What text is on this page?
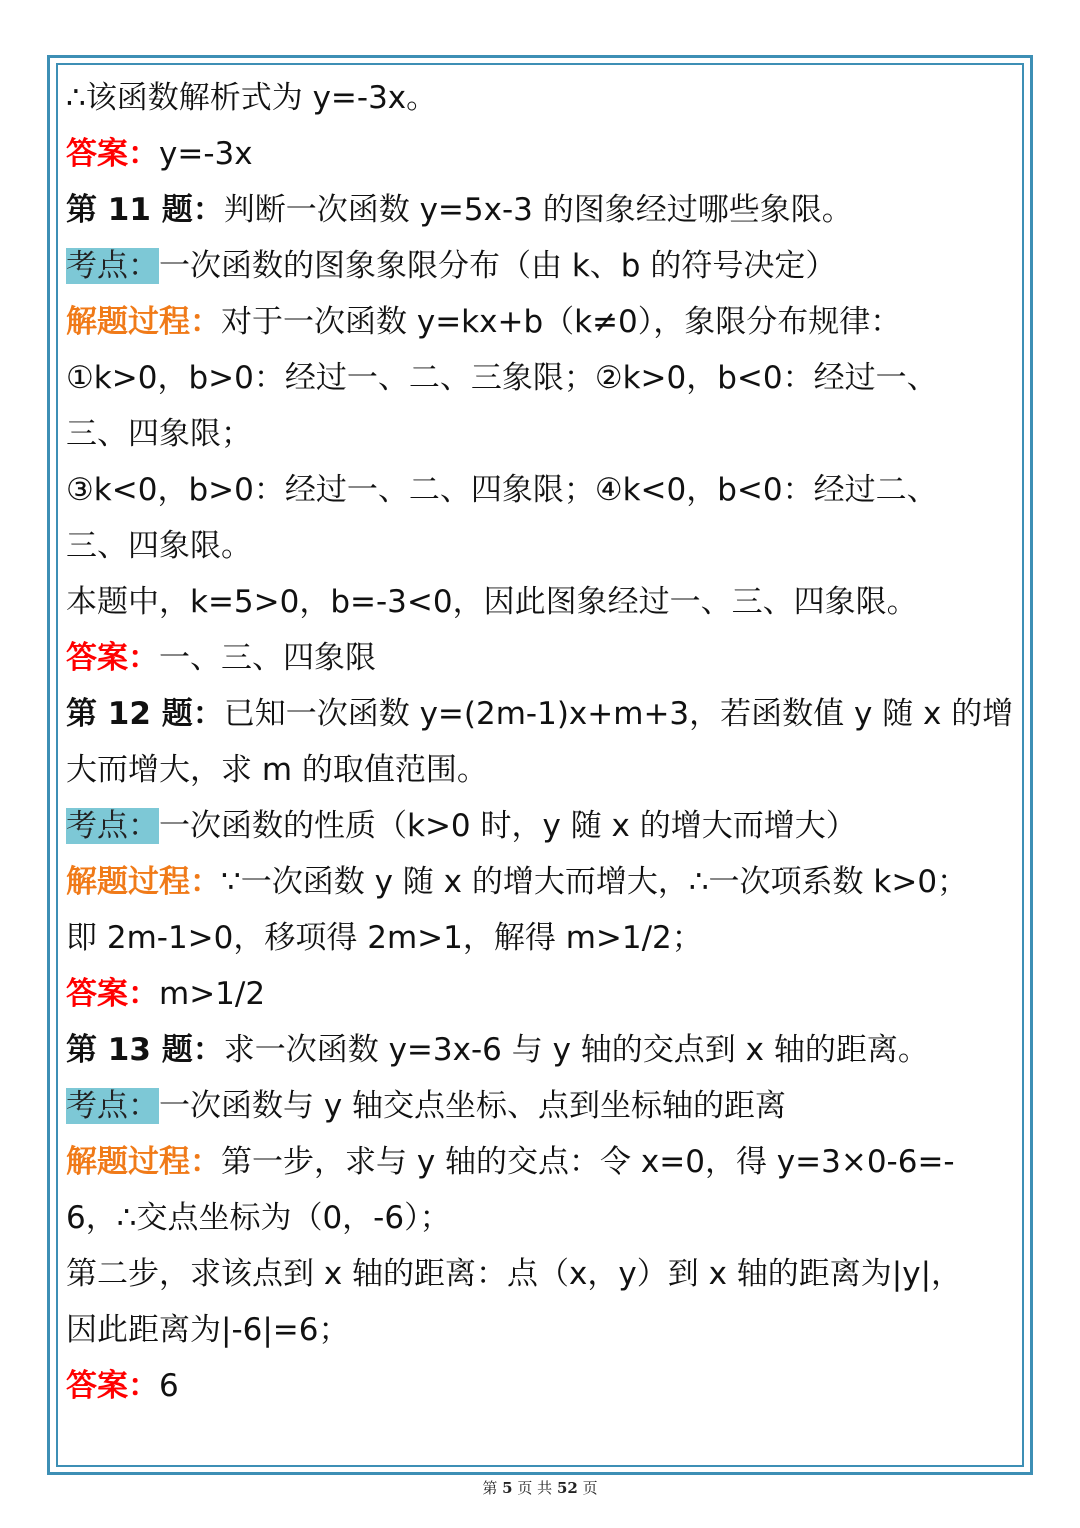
∴该函数解析式为 y=-3x。
答案：y=-3x
第 11 题：判断一次函数 y=5x-3 的图象经过哪些象限。
考点：一次函数的图象象限分布（由 k、b 的符号决定）
解题过程：对于一次函数 y=kx+b（k≠0），象限分布规律：
①k>0，b>0：经过一、二、三象限；②k>0，b<0：经过一、
三、四象限；
③k<0，b>0：经过一、二、四象限；④k<0，b<0：经过二、
三、四象限。
本题中，k=5>0，b=-3<0，因此图象经过一、三、四象限。
答案：一、三、四象限
第 12 题：已知一次函数 y=(2m-1)x+m+3，若函数值 y 随 x 的增
大而增大，求 m 的取值范围。
考点：一次函数的性质（k>0 时，y 随 x 的增大而增大）
解题过程：∵一次函数 y 随 x 的增大而增大，∴一次项系数 k>0；
即 2m-1>0，移项得 2m>1，解得 m>1/2；
答案：m>1/2
第 13 题：求一次函数 y=3x-6 与 y 轴的交点到 x 轴的距离。
考点：一次函数与 y 轴交点坐标、点到坐标轴的距离
解题过程：第一步，求与 y 轴的交点：令 x=0，得 y=3×0-6=-
6，∴交点坐标为（0，-6）；
第二步，求该点到 x 轴的距离：点（x，y）到 x 轴的距离为|y|，
因此距离为|-6|=6；
答案：6
第 5 页 共 52 页
